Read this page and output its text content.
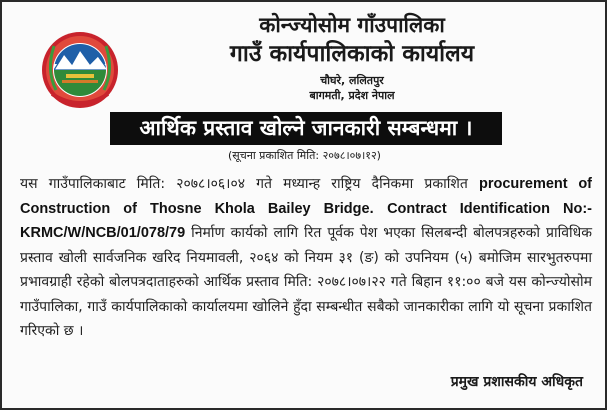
कोन्ज्योसोम गाँउपालिका
गाउँ कार्यपालिकाको कार्यालय
चौघरे, ललितपुर
बागमती, प्रदेश नेपाल
आर्थिक प्रस्ताव खोल्ने जानकारी सम्बन्धमा ।
(सूचना प्रकाशित मिति: २०७८।०७।१२)
यस गाउँपालिकाबाट मिति: २०७८।०६।०४ गते मध्यान्ह राष्ट्रिय दैनिकमा प्रकाशित procurement of Construction of Thosne Khola Bailey Bridge. Contract Identification No:- KRMC/W/NCB/01/078/79 निर्माण कार्यको लागि रित पूर्वक पेश भएका सिलबन्दी बोलपत्रहरुको प्राविधिक प्रस्ताव खोली सार्वजनिक खरिद नियमावली, २०६४ को नियम ३१ (ङ) को उपनियम (५) बमोजिम सारभुतरुपमा प्रभावग्राही रहेको बोलपत्रदाताहरुको आर्थिक प्रस्ताव मिति: २०७८।०७।२२ गते बिहान ११:०० बजे यस कोन्ज्योसोम गाउँपालिका, गाउँ कार्यपालिकाको कार्यालयमा खोलिने हुँदा सम्बन्धीत सबैको जानकारीका लागि यो सूचना प्रकाशित गरिएको छ ।
प्रमुख प्रशासकीय अधिकृत
